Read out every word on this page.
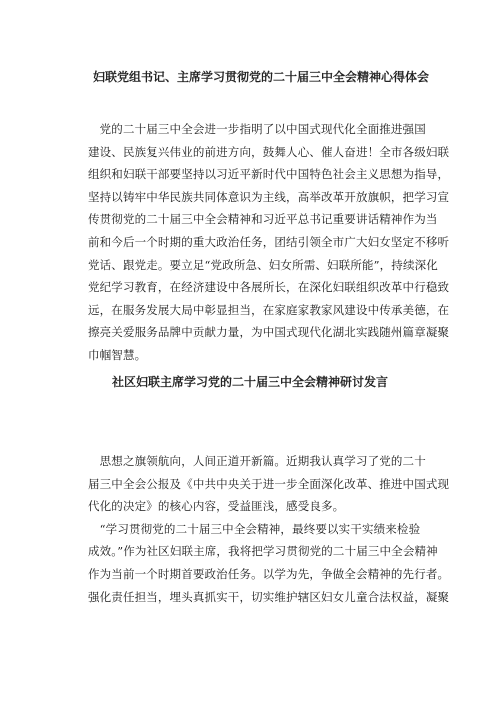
妇联党组书记、主席学习贯彻党的二十届三中全会精神心得体会
　党的二十届三中全会进一步指明了以中国式现代化全面推进强国
建设、民族复兴伟业的前进方向，鼓舞人心、催人奋进！全市各级妇联
组织和妇联干部要坚持以习近平新时代中国特色社会主义思想为指导，
坚持以铸牢中华民族共同体意识为主线，高举改革开放旗帜，把学习宣
传贯彻党的二十届三中全会精神和习近平总书记重要讲话精神作为当
前和今后一个时期的重大政治任务，团结引领全市广大妇女坚定不移听
党话、跟党走。要立足“党政所急、妇女所需、妇联所能”，持续深化
党纪学习教育，在经济建设中各展所长，在深化妇联组织改革中行稳致
远，在服务发展大局中彰显担当，在家庭家教家风建设中传承美德，在
擦亮关爱服务品牌中贡献力量，为中国式现代化湖北实践随州篇章凝聚
巾帼智慧。
社区妇联主席学习党的二十届三中全会精神研讨发言
　思想之旗领航向，人间正道开新篇。近期我认真学习了党的二十
届三中全会公报及《中共中央关于进一步全面深化改革、推进中国式现
代化的决定》的核心内容，受益匪浅，感受良多。
　“学习贯彻党的二十届三中全会精神，最终要以实干实绩来检验
成效。”作为社区妇联主席，我将把学习贯彻党的二十届三中全会精神
作为当前一个时期首要政治任务。以学为先，争做全会精神的先行者。
强化责任担当，埋头真抓实干，切实维护辖区妇女儿童合法权益，凝聚
